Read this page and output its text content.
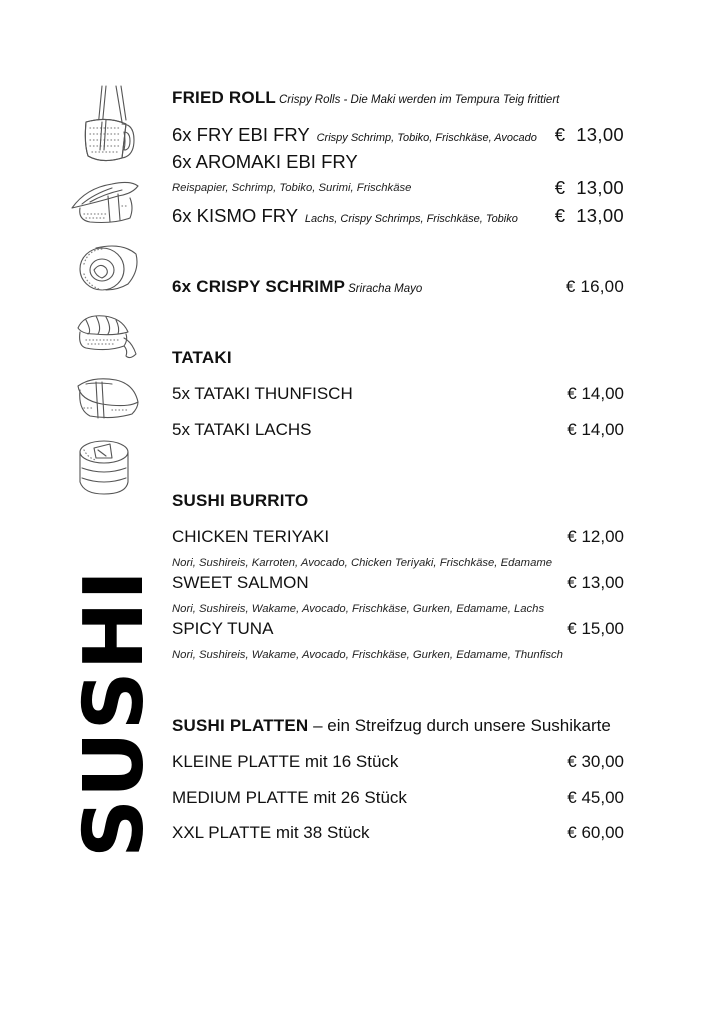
SUSHI
FRIED ROLL Crispy Rolls - Die Maki werden im Tempura Teig frittiert
6x FRY EBI FRY Crispy Schrimp, Tobiko, Frischkäse, Avocado €  13,00
6x AROMAKI EBI FRY
Reispapier, Schrimp, Tobiko, Surimi, Frischkäse	€  13,00
6x KISMO FRY Lachs, Crispy Schrimps, Frischkäse, Tobiko €  13,00
6x CRISPY SCHRIMP Sriracha Mayo	€ 16,00
TATAKI
5x TATAKI THUNFISCH	€ 14,00
5x TATAKI LACHS	€ 14,00
SUSHI BURRITO
CHICKEN TERIYAKI	€ 12,00
Nori, Sushireis, Karroten, Avocado, Chicken Teriyaki, Frischkäse, Edamame
SWEET SALMON	€ 13,00
Nori, Sushireis, Wakame, Avocado, Frischkäse, Gurken, Edamame, Lachs
SPICY TUNA	€ 15,00
Nori, Sushireis, Wakame, Avocado, Frischkäse, Gurken, Edamame, Thunfisch
SUSHI PLATTEN – ein Streifzug durch unsere Sushikarte
KLEINE PLATTE mit 16 Stück	€ 30,00
MEDIUM PLATTE mit 26 Stück	€ 45,00
XXL PLATTE mit 38 Stück	€ 60,00
